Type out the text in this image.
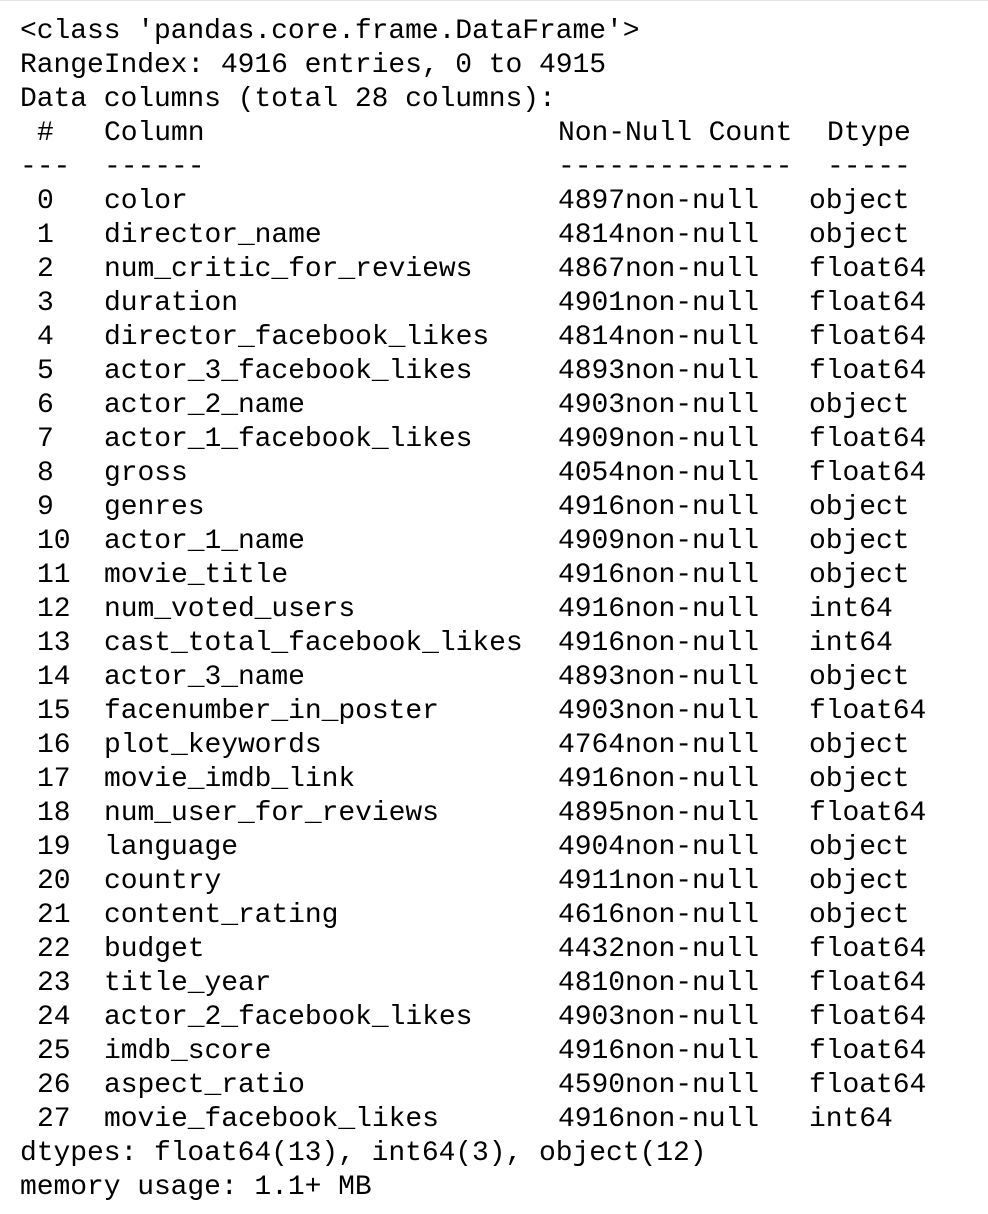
<class 'pandas.core.frame.DataFrame'>
RangeIndex: 4916 entries, 0 to 4915
Data columns (total 28 columns):
#	Column	Non-Null Count	Dtype
---	------	--------------	-----
0	color	4897 non-null	object
1	director_name	4814 non-null	object
2	num_critic_for_reviews	4867 non-null	float64
3	duration	4901 non-null	float64
4	director_facebook_likes	4814 non-null	float64
5	actor_3_facebook_likes	4893 non-null	float64
6	actor_2_name	4903 non-null	object
7	actor_1_facebook_likes	4909 non-null	float64
8	gross	4054 non-null	float64
9	genres	4916 non-null	object
10	actor_1_name	4909 non-null	object
11	movie_title	4916 non-null	object
12	num_voted_users	4916 non-null	int64
13	cast_total_facebook_likes	4916 non-null	int64
14	actor_3_name	4893 non-null	object
15	facenumber_in_poster	4903 non-null	float64
16	plot_keywords	4764 non-null	object
17	movie_imdb_link	4916 non-null	object
18	num_user_for_reviews	4895 non-null	float64
19	language	4904 non-null	object
20	country	4911 non-null	object
21	content_rating	4616 non-null	object
22	budget	4432 non-null	float64
23	title_year	4810 non-null	float64
24	actor_2_facebook_likes	4903 non-null	float64
25	imdb_score	4916 non-null	float64
26	aspect_ratio	4590 non-null	float64
27	movie_facebook_likes	4916 non-null	int64
dtypes: float64(13), int64(3), object(12)
memory usage: 1.1+ MB
